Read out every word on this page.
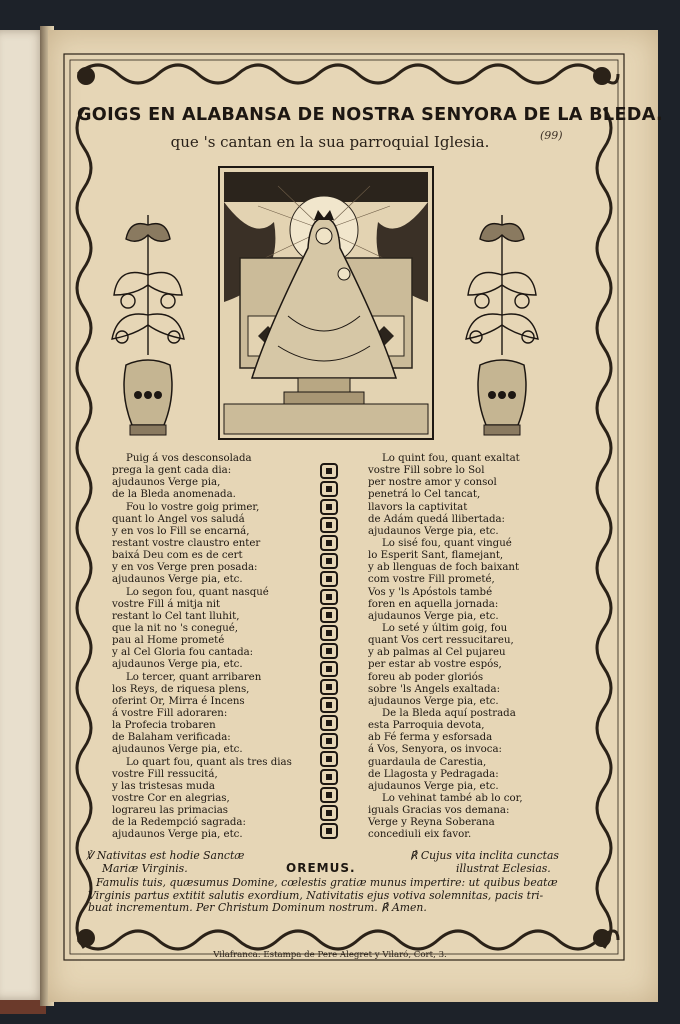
GOIGS EN ALABANSA DE NOSTRA SENYORA DE LA BLEDA.
que 's cantan en la sua parroquial Iglesia.	(99)
Puig á vos desconsolada
prega la gent cada dia:
ajudaunos Verge pia,
de la Bleda anomenada.
Fou lo vostre goig primer,
quant lo Angel vos saludá
y en vos lo Fill se encarná,
restant vostre claustro enter
baixá Deu com es de cert
y en vos Verge pren posada:
ajudaunos Verge pia, etc.
Lo segon fou, quant nasqué
vostre Fill á mitja nit
restant lo Cel tant lluhit,
que la nit no 's conegué,
pau al Home prometé
y al Cel Gloria fou cantada:
ajudaunos Verge pia, etc.
Lo tercer, quant arribaren
los Reys, de riquesa plens,
oferint Or, Mirra é Incens
á vostre Fill adoraren:
la Profecia trobaren
de Balaham verificada:
ajudaunos Verge pia, etc.
Lo quart fou, quant als tres dias
vostre Fill ressucitá,
y las tristesas muda
vostre Cor en alegrias,
lograreu las primacias
de la Redempció sagrada:
ajudaunos Verge pia, etc.
Lo quint fou, quant exaltat
vostre Fill sobre lo Sol
per nostre amor y consol
penetrá lo Cel tancat,
llavors la captivitat
de Adám quedá llibertada:
ajudaunos Verge pia, etc.
Lo sisé fou, quant vingué
lo Esperit Sant, flamejant,
y ab llenguas de foch baixant
com vostre Fill prometé,
Vos y 'ls Apóstols també
foren en aquella jornada:
ajudaunos Verge pia, etc.
Lo seté y últim goig, fou
quant Vos cert ressucitareu,
y ab palmas al Cel pujareu
per estar ab vostre espós,
foreu ab poder gloriós
sobre 'ls Angels exaltada:
ajudaunos Verge pia, etc.
De la Bleda aquí postrada
esta Parroquia devota,
ab Fé ferma y esforsada
á Vos, Senyora, os invoca:
guardaula de Carestia,
de Llagosta y Pedragada:
ajudaunos Verge pia, etc.
Lo vehinat també ab lo cor,
iguals Gracias vos demana:
Verge y Reyna Soberana
concediuli eix favor.
℣ Nativitas est hodie Sanctæ
Mariæ Virginis.
℟ Cujus vita inclita cunctas
illustrat Eclesias.
OREMUS.
Famulis tuis, quæsumus Domine, cœlestis gratiæ munus impertire: ut quibus beatæ
Virginis partus extitit salutis exordium, Nativitatis ejus votiva solemnitas, pacis tri-
buat incrementum. Per Christum Dominum nostrum. ℟ Amen.
Vilafranca: Estampa de Pere Alegret y Vilaró, Cort, 3.
